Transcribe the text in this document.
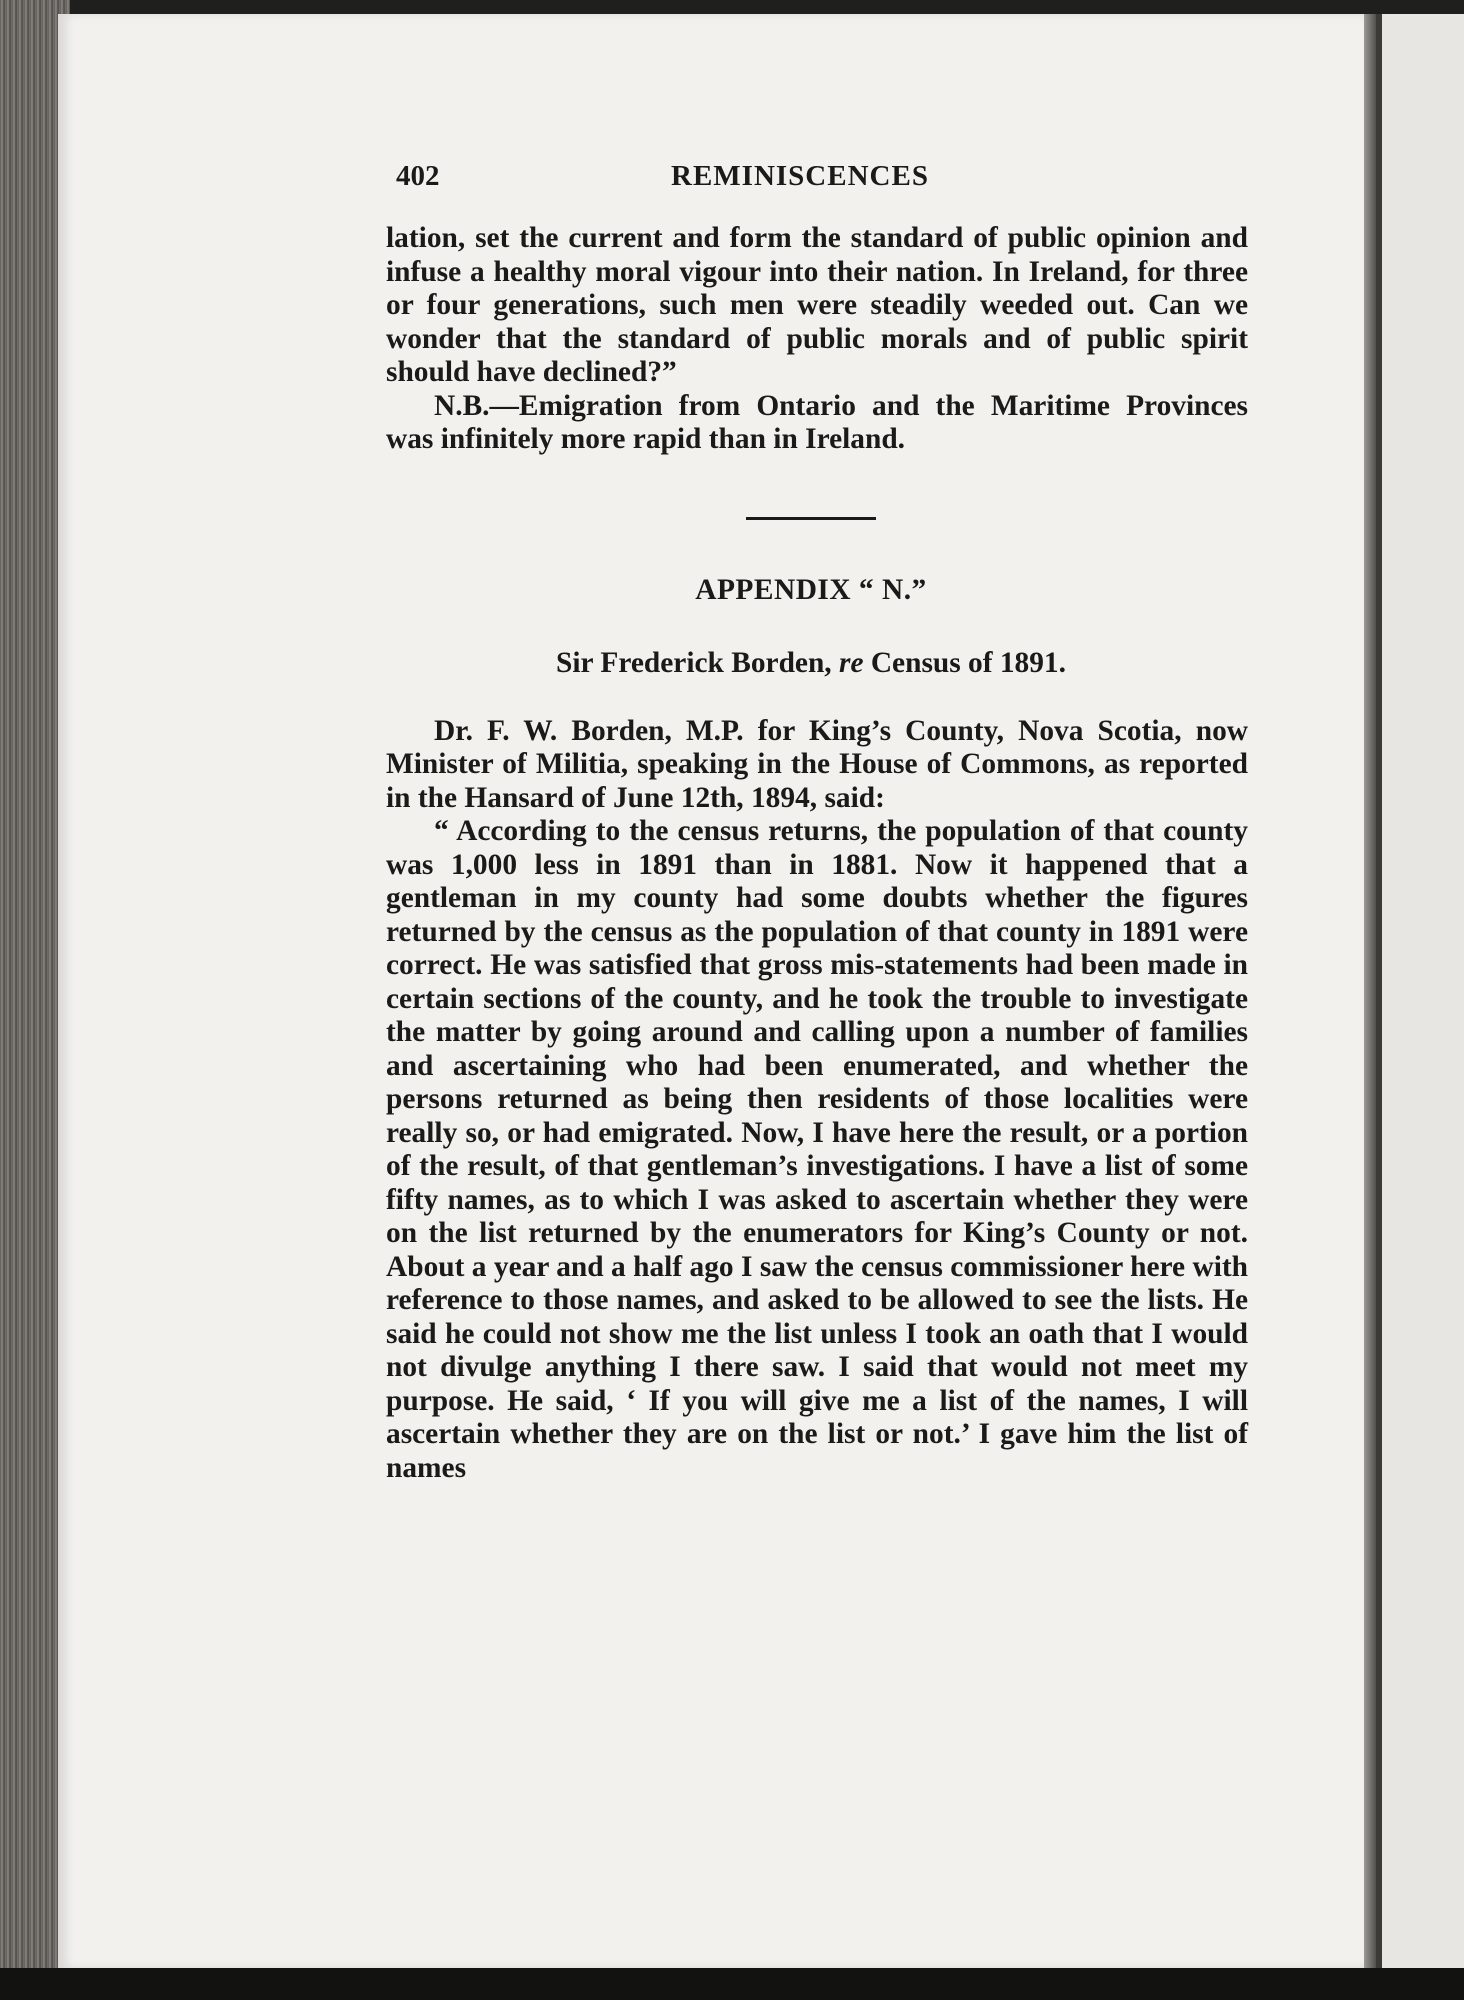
402	REMINISCENCES

lation, set the current and form the standard of public opinion and infuse a healthy moral vigour into their nation. In Ireland, for three or four generations, such men were steadily weeded out. Can we wonder that the standard of public morals and of public spirit should have declined?”

N.B.—Emigration from Ontario and the Maritime Provinces was infinitely more rapid than in Ireland.

APPENDIX “ N.”

Sir Frederick Borden, re Census of 1891.

Dr. F. W. Borden, M.P. for King’s County, Nova Scotia, now Minister of Militia, speaking in the House of Commons, as reported in the Hansard of June 12th, 1894, said:

“ According to the census returns, the population of that county was 1,000 less in 1891 than in 1881. Now it happened that a gentleman in my county had some doubts whether the figures returned by the census as the population of that county in 1891 were correct. He was satisfied that gross mis-statements had been made in certain sections of the county, and he took the trouble to investigate the matter by going around and calling upon a number of families and ascertaining who had been enumerated, and whether the persons returned as being then residents of those localities were really so, or had emigrated. Now, I have here the result, or a portion of the result, of that gentleman’s investigations. I have a list of some fifty names, as to which I was asked to ascertain whether they were on the list returned by the enumerators for King’s County or not. About a year and a half ago I saw the census commissioner here with reference to those names, and asked to be allowed to see the lists. He said he could not show me the list unless I took an oath that I would not divulge anything I there saw. I said that would not meet my purpose. He said, ‘ If you will give me a list of the names, I will ascertain whether they are on the list or not.’ I gave him the list of names
